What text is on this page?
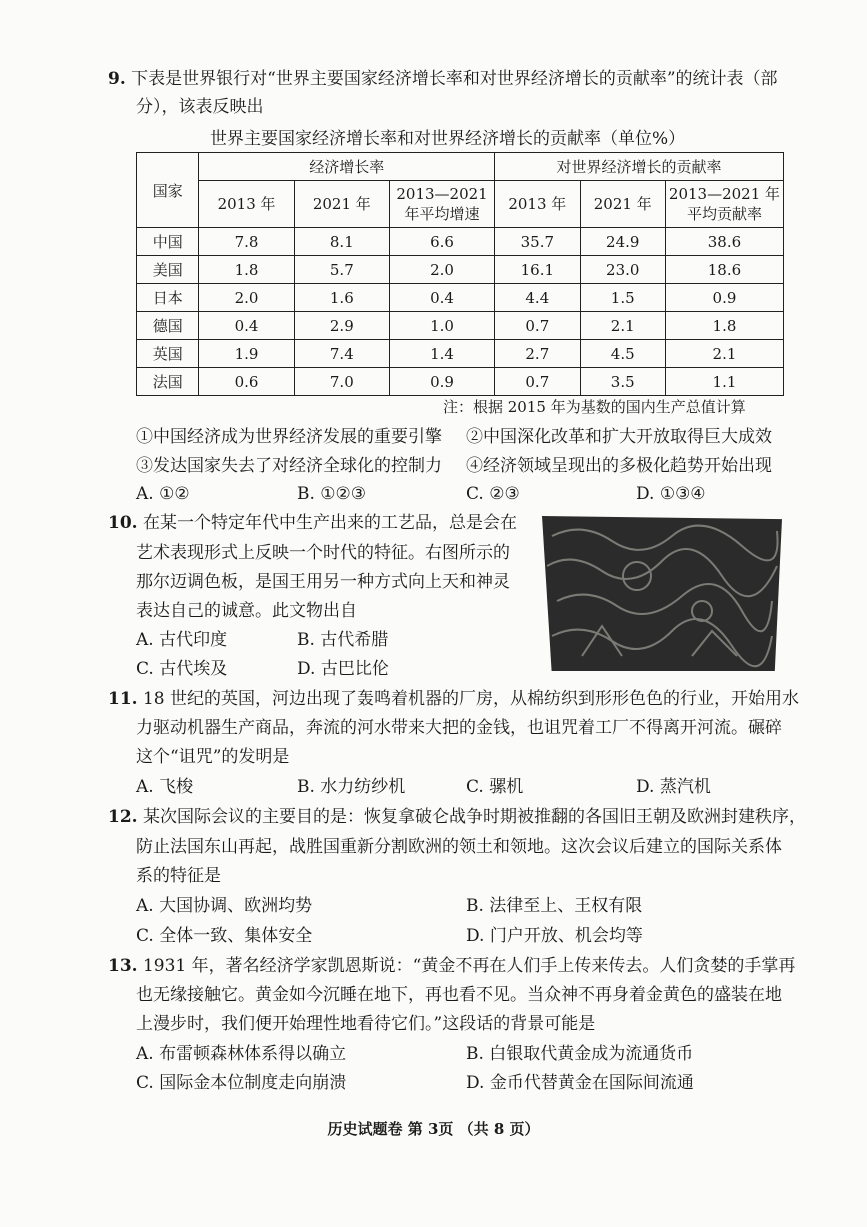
9. 下表是世界银行对“世界主要国家经济增长率和对世界经济增长的贡献率”的统计表（部
分），该表反映出
世界主要国家经济增长率和对世界经济增长的贡献率（单位%）
国家	经济增长率			对世界经济增长的贡献率		
	2013 年	2021 年	2013—2021
年平均增速	2013 年	2021 年	2013—2021 年
平均贡献率
中国	7.8	8.1	6.6	35.7	24.9	38.6
美国	1.8	5.7	2.0	16.1	23.0	18.6
日本	2.0	1.6	0.4	4.4	1.5	0.9
德国	0.4	2.9	1.0	0.7	2.1	1.8
英国	1.9	7.4	1.4	2.7	4.5	2.1
法国	0.6	7.0	0.9	0.7	3.5	1.1
注：根据 2015 年为基数的国内生产总值计算
①中国经济成为世界经济发展的重要引擎 ②中国深化改革和扩大开放取得巨大成效
③发达国家失去了对经济全球化的控制力 ④经济领域呈现出的多极化趋势开始出现
A. ①②	B. ①②③	C. ②③	D. ①③④
10. 在某一个特定年代中生产出来的工艺品，总是会在
艺术表现形式上反映一个时代的特征。右图所示的
那尔迈调色板，是国王用另一种方式向上天和神灵
表达自己的诚意。此文物出自
A. 古代印度	B. 古代希腊
C. 古代埃及	D. 古巴比伦
11. 18 世纪的英国，河边出现了轰鸣着机器的厂房，从棉纺织到形形色色的行业，开始用水
力驱动机器生产商品，奔流的河水带来大把的金钱，也诅咒着工厂不得离开河流。碾碎
这个“诅咒”的发明是
A. 飞梭	B. 水力纺纱机	C. 骡机	D. 蒸汽机
12. 某次国际会议的主要目的是：恢复拿破仑战争时期被推翻的各国旧王朝及欧洲封建秩序，
防止法国东山再起，战胜国重新分割欧洲的领土和领地。这次会议后建立的国际关系体
系的特征是
A. 大国协调、欧洲均势	B. 法律至上、王权有限
C. 全体一致、集体安全	D. 门户开放、机会均等
13. 1931 年，著名经济学家凯恩斯说：“黄金不再在人们手上传来传去。人们贪婪的手掌再
也无缘接触它。黄金如今沉睡在地下，再也看不见。当众神不再身着金黄色的盛装在地
上漫步时，我们便开始理性地看待它们。”这段话的背景可能是
A. 布雷顿森林体系得以确立	B. 白银取代黄金成为流通货币
C. 国际金本位制度走向崩溃	D. 金币代替黄金在国际间流通
历史试题卷 第 3页 （共 8 页）
